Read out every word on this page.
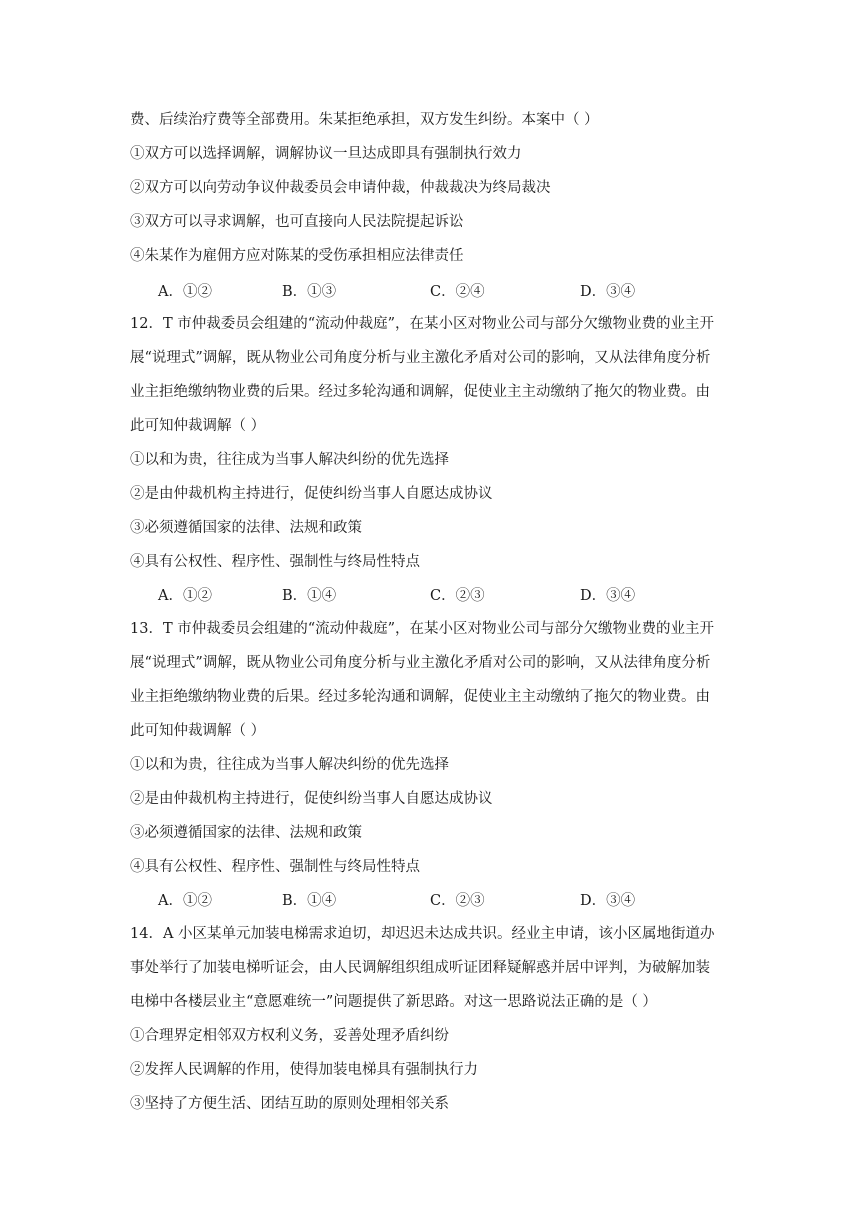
费、后续治疗费等全部费用。朱某拒绝承担，双方发生纠纷。本案中（ ）
①双方可以选择调解，调解协议一旦达成即具有强制执行效力
②双方可以向劳动争议仲裁委员会申请仲裁，仲裁裁决为终局裁决
③双方可以寻求调解，也可直接向人民法院提起诉讼
④朱某作为雇佣方应对陈某的受伤承担相应法律责任
A．①②	B．①③	C．②④	D．③④
12．T 市仲裁委员会组建的“流动仲裁庭”，在某小区对物业公司与部分欠缴物业费的业主开
展“说理式”调解，既从物业公司角度分析与业主激化矛盾对公司的影响，又从法律角度分析
业主拒绝缴纳物业费的后果。经过多轮沟通和调解，促使业主主动缴纳了拖欠的物业费。由
此可知仲裁调解（ ）
①以和为贵，往往成为当事人解决纠纷的优先选择
②是由仲裁机构主持进行，促使纠纷当事人自愿达成协议
③必须遵循国家的法律、法规和政策
④具有公权性、程序性、强制性与终局性特点
A．①②	B．①④	C．②③	D．③④
13．T 市仲裁委员会组建的“流动仲裁庭”，在某小区对物业公司与部分欠缴物业费的业主开
展“说理式”调解，既从物业公司角度分析与业主激化矛盾对公司的影响，又从法律角度分析
业主拒绝缴纳物业费的后果。经过多轮沟通和调解，促使业主主动缴纳了拖欠的物业费。由
此可知仲裁调解（ ）
①以和为贵，往往成为当事人解决纠纷的优先选择
②是由仲裁机构主持进行，促使纠纷当事人自愿达成协议
③必须遵循国家的法律、法规和政策
④具有公权性、程序性、强制性与终局性特点
A．①②	B．①④	C．②③	D．③④
14．A 小区某单元加装电梯需求迫切，却迟迟未达成共识。经业主申请，该小区属地街道办
事处举行了加装电梯听证会，由人民调解组织组成听证团释疑解惑并居中评判，为破解加装
电梯中各楼层业主“意愿难统一”问题提供了新思路。对这一思路说法正确的是（ ）
①合理界定相邻双方权利义务，妥善处理矛盾纠纷
②发挥人民调解的作用，使得加装电梯具有强制执行力
③坚持了方便生活、团结互助的原则处理相邻关系
